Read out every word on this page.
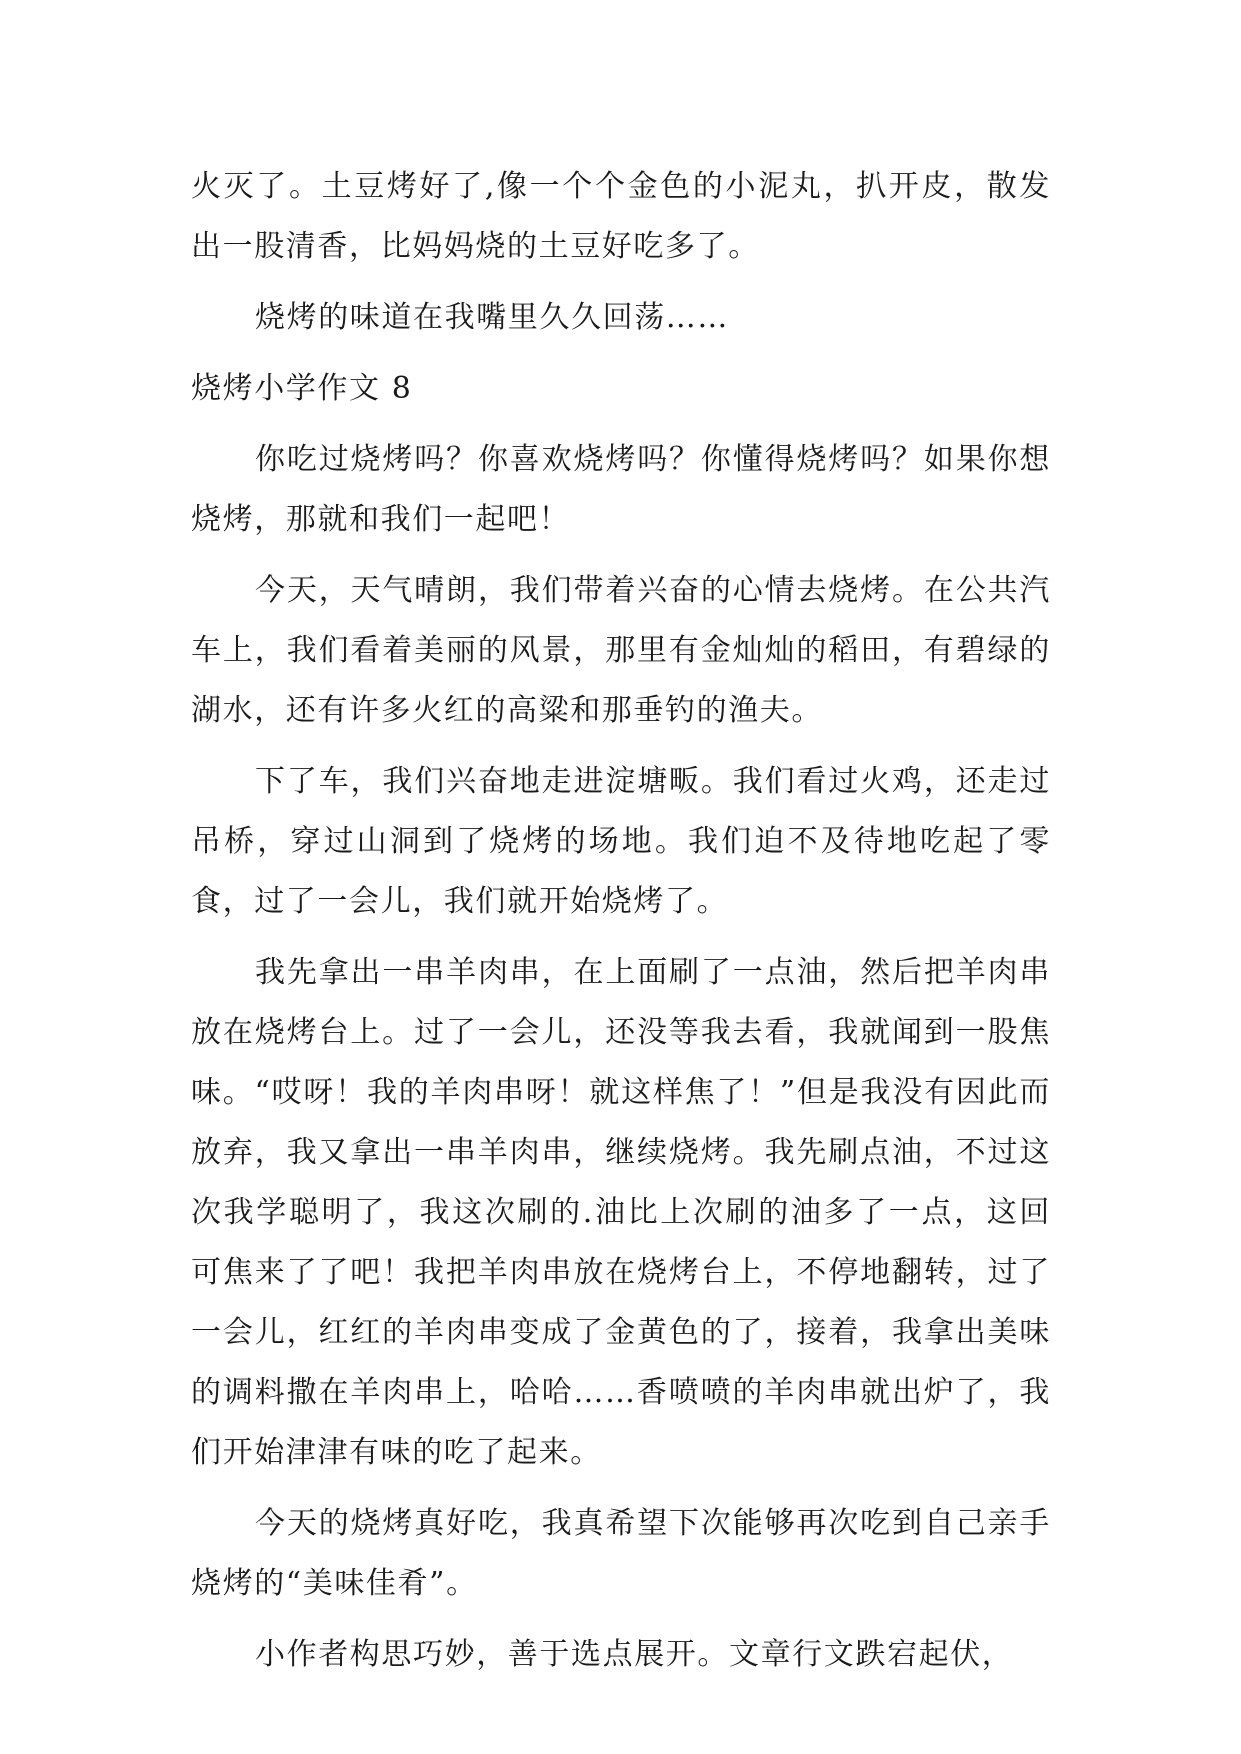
火灭了。土豆烤好了,像一个个金色的小泥丸，扒开皮，散发出一股清香，比妈妈烧的土豆好吃多了。

烧烤的味道在我嘴里久久回荡……

烧烤小学作文 8

你吃过烧烤吗？你喜欢烧烤吗？你懂得烧烤吗？如果你想烧烤，那就和我们一起吧！

今天，天气晴朗，我们带着兴奋的心情去烧烤。在公共汽车上，我们看着美丽的风景，那里有金灿灿的稻田，有碧绿的湖水，还有许多火红的高粱和那垂钓的渔夫。

下了车，我们兴奋地走进淀塘畈。我们看过火鸡，还走过吊桥，穿过山洞到了烧烤的场地。我们迫不及待地吃起了零食，过了一会儿，我们就开始烧烤了。

我先拿出一串羊肉串，在上面刷了一点油，然后把羊肉串放在烧烤台上。过了一会儿，还没等我去看，我就闻到一股焦味。“哎呀！我的羊肉串呀！就这样焦了！”但是我没有因此而放弃，我又拿出一串羊肉串，继续烧烤。我先刷点油，不过这次我学聪明了，我这次刷的.油比上次刷的油多了一点，这回可焦来了了吧！我把羊肉串放在烧烤台上，不停地翻转，过了一会儿，红红的羊肉串变成了金黄色的了，接着，我拿出美味的调料撒在羊肉串上，哈哈……香喷喷的羊肉串就出炉了，我们开始津津有味的吃了起来。

今天的烧烤真好吃，我真希望下次能够再次吃到自己亲手烧烤的“美味佳肴”。

小作者构思巧妙，善于选点展开。文章行文跌宕起伏，
